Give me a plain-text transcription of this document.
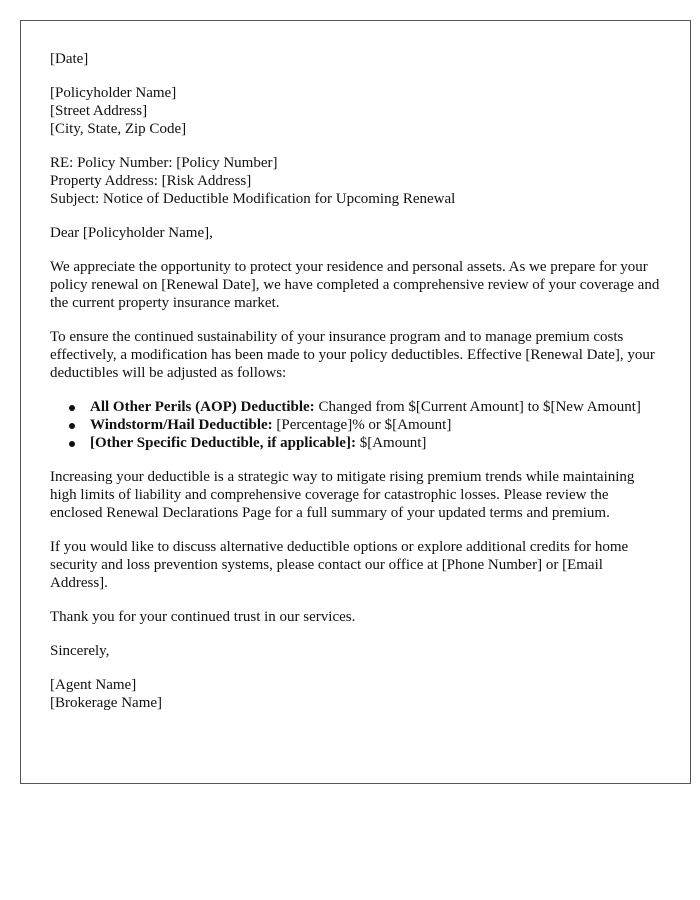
[Date]
[Policyholder Name]
[Street Address]
[City, State, Zip Code]
RE: Policy Number: [Policy Number]
Property Address: [Risk Address]
Subject: Notice of Deductible Modification for Upcoming Renewal

Dear [Policyholder Name],

We appreciate the opportunity to protect your residence and personal assets. As we prepare for your policy renewal on [Renewal Date], we have completed a comprehensive review of your coverage and the current property insurance market.

To ensure the continued sustainability of your insurance program and to manage premium costs effectively, a modification has been made to your policy deductibles. Effective [Renewal Date], your deductibles will be adjusted as follows:

All Other Perils (AOP) Deductible: Changed from $[Current Amount] to $[New Amount]
Windstorm/Hail Deductible: [Percentage]% or $[Amount]
[Other Specific Deductible, if applicable]: $[Amount]

Increasing your deductible is a strategic way to mitigate rising premium trends while maintaining high limits of liability and comprehensive coverage for catastrophic losses. Please review the enclosed Renewal Declarations Page for a full summary of your updated terms and premium.

If you would like to discuss alternative deductible options or explore additional credits for home security and loss prevention systems, please contact our office at [Phone Number] or [Email Address].

Thank you for your continued trust in our services.

Sincerely,

[Agent Name]
[Brokerage Name]
